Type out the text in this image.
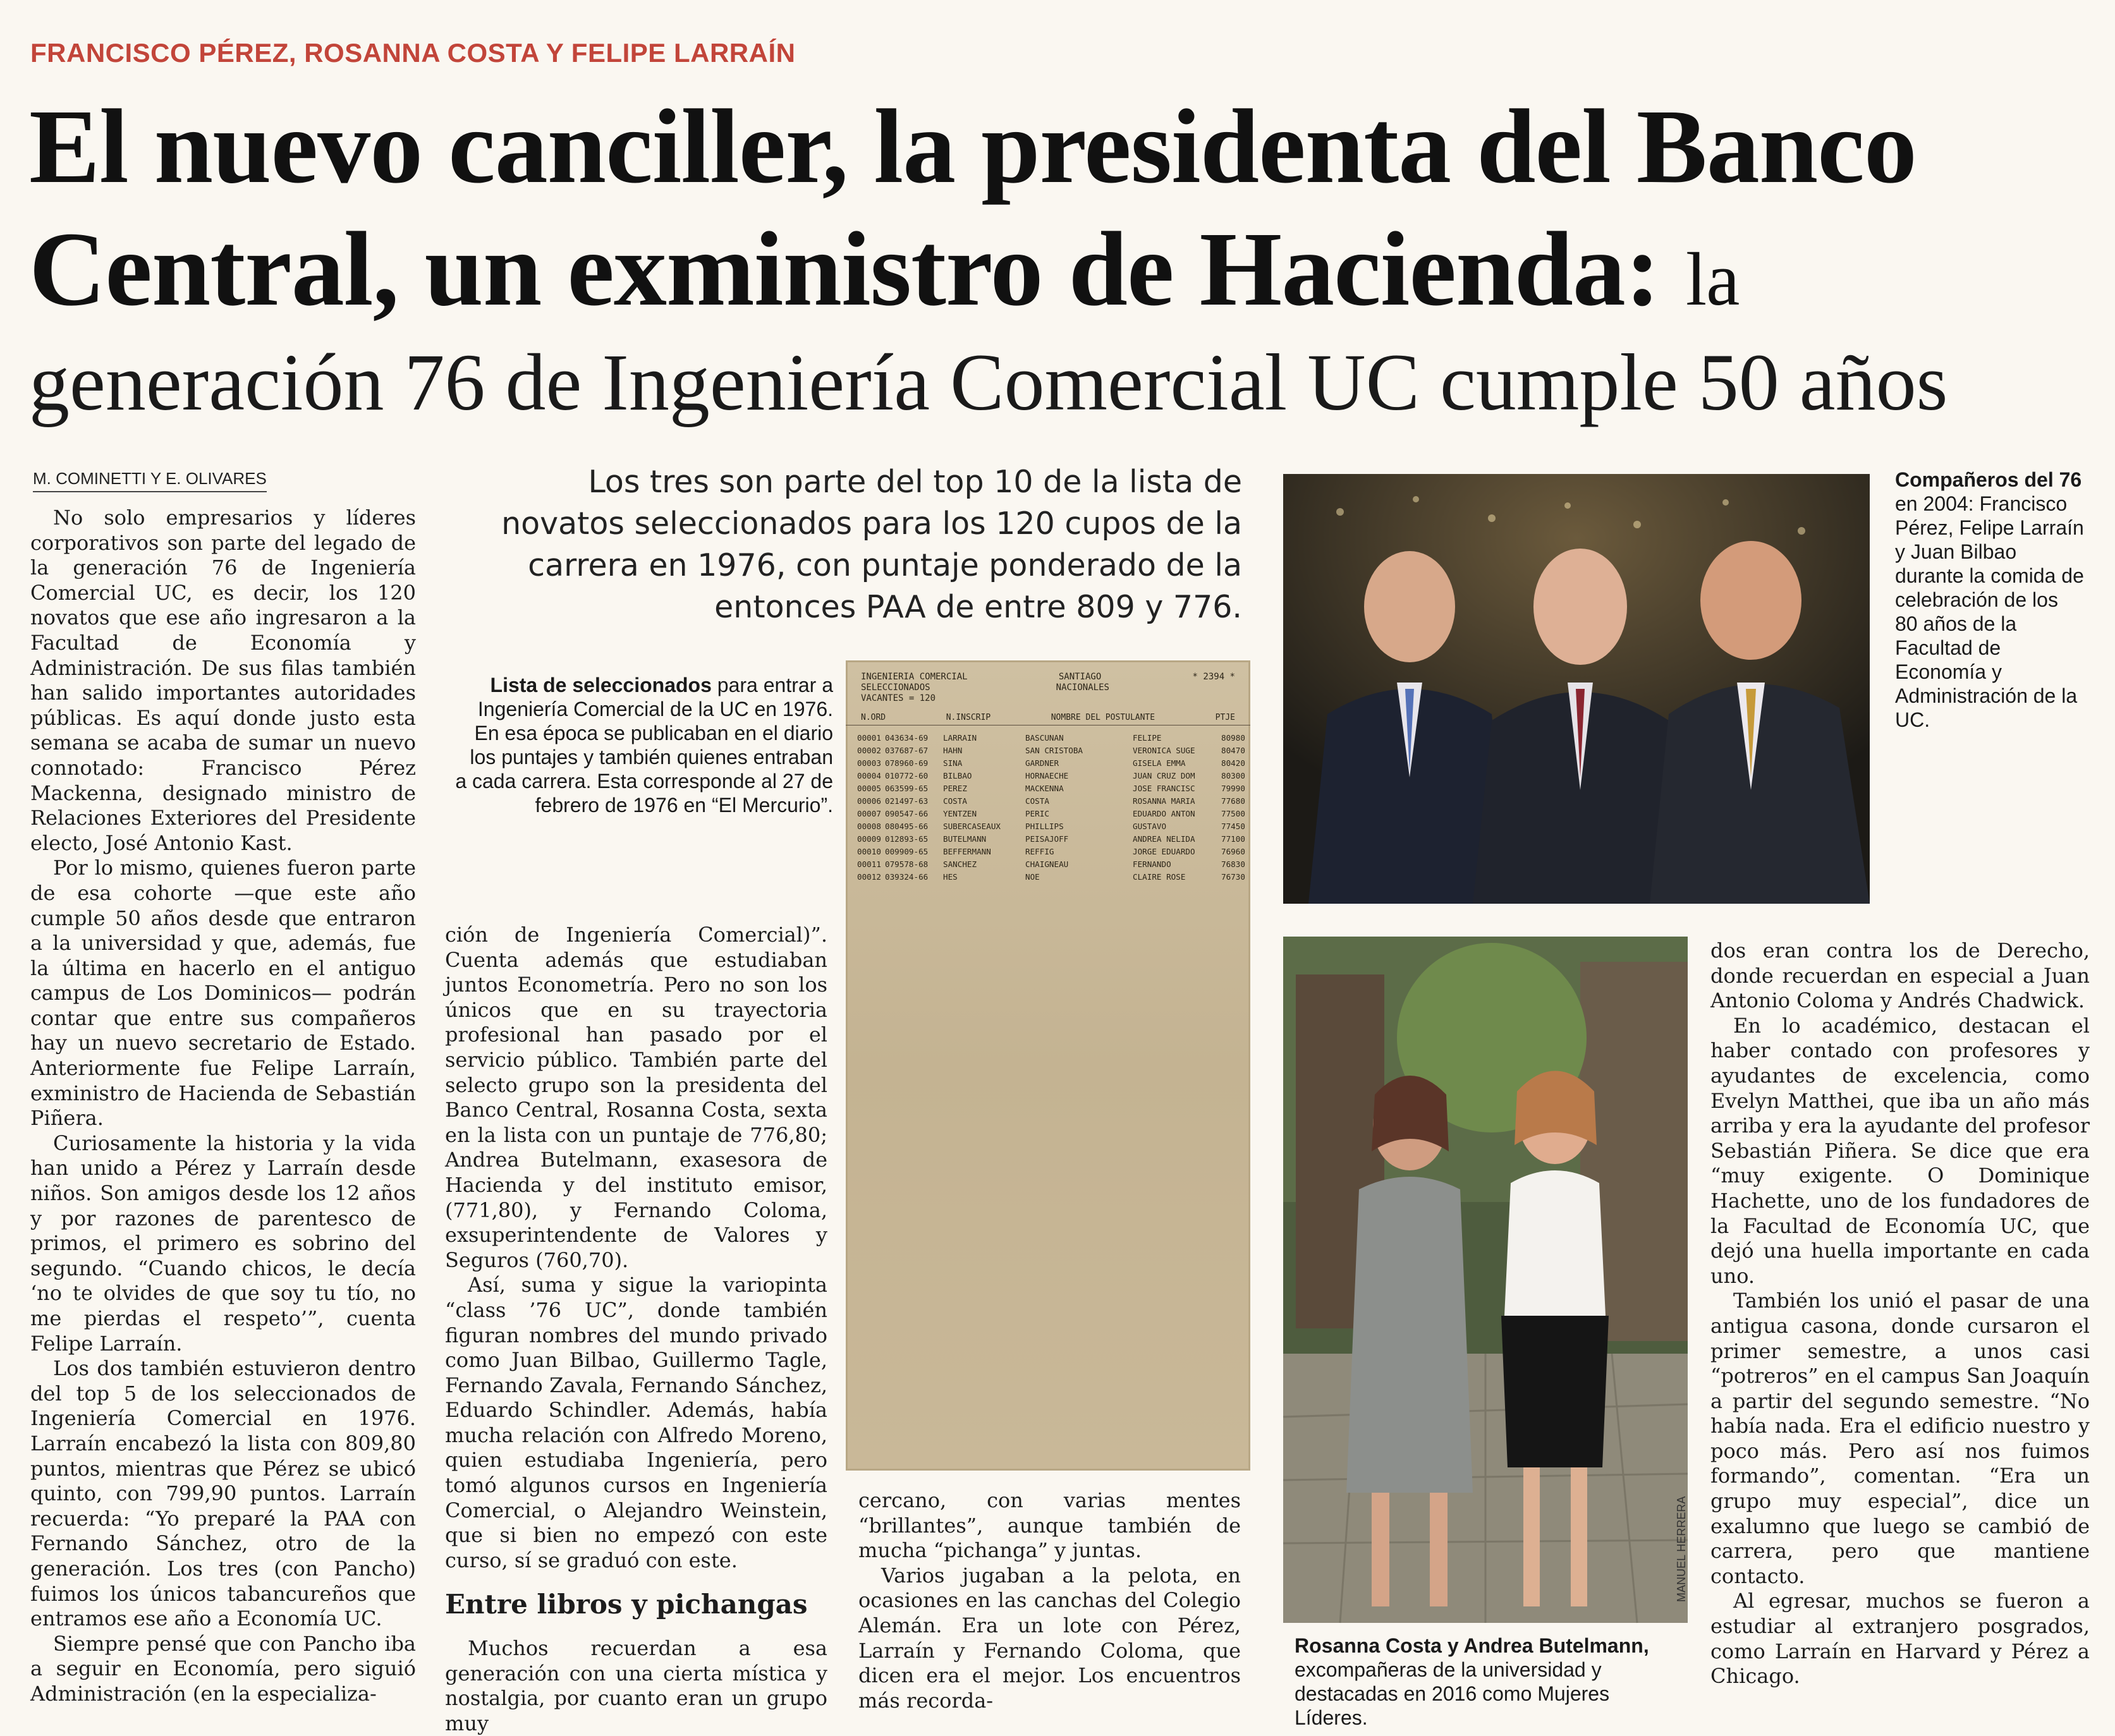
FRANCISCO PÉREZ, ROSANNA COSTA Y FELIPE LARRAÍN
El nuevo canciller, la presidenta del Banco Central, un exministro de Hacienda: la
generación 76 de Ingeniería Comercial UC cumple 50 años
M. COMINETTI Y E. OLIVARES

No solo empresarios y líderes corporativos son parte del legado de la generación 76 de Ingeniería Comercial UC, es decir, los 120 novatos que ese año ingresaron a la Facultad de Economía y Administración. De sus filas también han salido importantes autoridades públicas. Es aquí donde justo esta semana se acaba de sumar un nuevo connotado: Francisco Pérez Mackenna, designado ministro de Relaciones Exteriores del Presidente electo, José Antonio Kast.

Por lo mismo, quienes fueron parte de esa cohorte —que este año cumple 50 años desde que entraron a la universidad y que, además, fue la última en hacerlo en el antiguo campus de Los Dominicos— podrán contar que entre sus compañeros hay un nuevo secretario de Estado. Anteriormente fue Felipe Larraín, exministro de Hacienda de Sebastián Piñera.

Curiosamente la historia y la vida han unido a Pérez y Larraín desde niños. Son amigos desde los 12 años y por razones de parentesco de primos, el primero es sobrino del segundo. “Cuando chicos, le decía ‘no te olvides de que soy tu tío, no me pierdas el respeto’”, cuenta Felipe Larraín.

Los dos también estuvieron dentro del top 5 de los seleccionados de Ingeniería Comercial en 1976. Larraín encabezó la lista con 809,80 puntos, mientras que Pérez se ubicó quinto, con 799,90 puntos. Larraín recuerda: “Yo preparé la PAA con Fernando Sánchez, otro de la generación. Los tres (con Pancho) fuimos los únicos tabancureños que entramos ese año a Economía UC.

Siempre pensé que con Pancho iba a seguir en Economía, pero siguió Administración (en la especializa-

Los tres son parte del top 10 de la lista de novatos seleccionados para los 120 cupos de la carrera en 1976, con puntaje ponderado de la entonces PAA de entre 809 y 776.
Lista de seleccionados para entrar a Ingeniería Comercial de la UC en 1976. En esa época se publicaban en el diario los puntajes y también quienes entraban a cada carrera. Esta corresponde al 27 de febrero de 1976 en “El Mercurio”.
INGENIERIA COMERCIAL	SANTIAGO	* 2394 *
SELECCIONADOS	NACIONALES
VACANTES = 120
N.ORD	N.INSCRIP	NOMBRE DEL POSTULANTE	PTJE
00001 043634-69	LARRAIN	BASCUNAN	FELIPE	80980
00002 037687-67	HAHN	SAN CRISTOBA	VERONICA SUGE	80470
00003 078960-69	SINA	GARDNER	GISELA EMMA	80420
00004 010772-60	BILBAO	HORNAECHE	JUAN CRUZ DOM	80300
00005 063599-65	PEREZ	MACKENNA	JOSE FRANCISC	79990
00006 021497-63	COSTA	COSTA	ROSANNA MARIA	77680
00007 090547-66	YENTZEN	PERIC	EDUARDO ANTON	77500
00008 080495-66	SUBERCASEAUX	PHILLIPS	GUSTAVO	77450
00009 012893-65	BUTELMANN	PEISAJOFF	ANDREA NELIDA	77100
00010 009909-65	BEFFERMANN	REFFIG	JORGE EDUARDO	76960
00011 079578-68	SANCHEZ	CHAIGNEAU	FERNANDO	76830
00012 039324-66	HES	NOE	CLAIRE ROSE	76730

ción de Ingeniería Comercial)”. Cuenta además que estudiaban juntos Econometría. Pero no son los únicos que en su trayectoria profesional han pasado por el servicio público. También parte del selecto grupo son la presidenta del Banco Central, Rosanna Costa, sexta en la lista con un puntaje de 776,80; Andrea Butelmann, exasesora de Hacienda y del instituto emisor, (771,80), y Fernando Coloma, exsuperintendente de Valores y Seguros (760,70).

Así, suma y sigue la variopinta “class ’76 UC”, donde también figuran nombres del mundo privado como Juan Bilbao, Guillermo Tagle, Fernando Zavala, Fernando Sánchez, Eduardo Schindler. Además, había mucha relación con Alfredo Moreno, quien estudiaba Ingeniería, pero tomó algunos cursos en Ingeniería Comercial, o Alejandro Weinstein, que si bien no empezó con este curso, sí se graduó con este.

Entre libros y pichangas

Muchos recuerdan a esa generación con una cierta mística y nostalgia, por cuanto eran un grupo muy

cercano, con varias mentes “brillantes”, aunque también de mucha “pichanga” y juntas.

Varios jugaban a la pelota, en ocasiones en las canchas del Colegio Alemán. Era un lote con Pérez, Larraín y Fernando Coloma, que dicen era el mejor. Los encuentros más recorda-

Compañeros del 76 en 2004: Francisco Pérez, Felipe Larraín y Juan Bilbao durante la comida de celebración de los 80 años de la Facultad de Economía y Administración de la UC.
MANUEL HERRERA
Rosanna Costa y Andrea Butelmann, excompañeras de la universidad y destacadas en 2016 como Mujeres Líderes.

dos eran contra los de Derecho, donde recuerdan en especial a Juan Antonio Coloma y Andrés Chadwick.

En lo académico, destacan el haber contado con profesores y ayudantes de excelencia, como Evelyn Matthei, que iba un año más arriba y era la ayudante del profesor Sebastián Piñera. Se dice que era “muy exigente. O Dominique Hachette, uno de los fundadores de la Facultad de Economía UC, que dejó una huella importante en cada uno.

También los unió el pasar de una antigua casona, donde cursaron el primer semestre, a unos casi “potreros” en el campus San Joaquín a partir del segundo semestre. “No había nada. Era el edificio nuestro y poco más. Pero así nos fuimos formando”, comentan. “Era un grupo muy especial”, dice un exalumno que luego se cambió de carrera, pero que mantiene contacto.

Al egresar, muchos se fueron a estudiar al extranjero posgrados, como Larraín en Harvard y Pérez a Chicago.
